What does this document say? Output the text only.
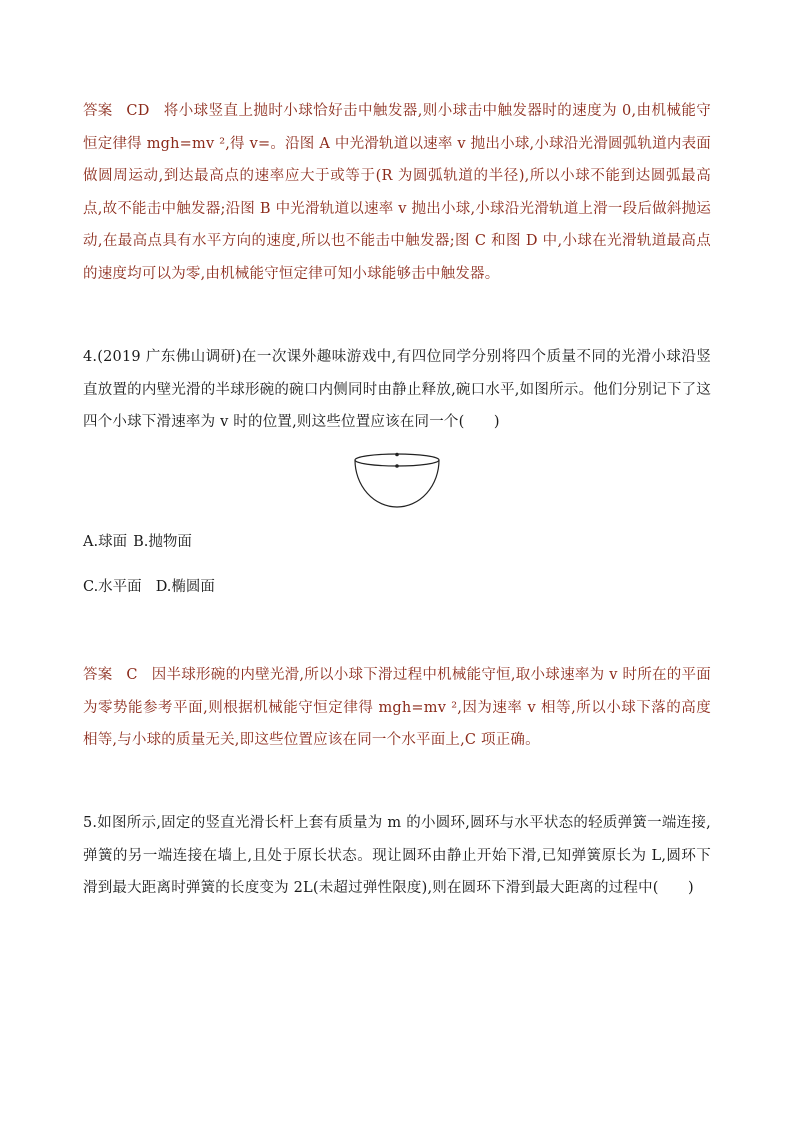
答案 CD 将小球竖直上抛时小球恰好击中触发器,则小球击中触发器时的速度为 0,由机械能守恒定律得 mgh=mv ²,得 v=。沿图 A 中光滑轨道以速率 v 抛出小球,小球沿光滑圆弧轨道内表面做圆周运动,到达最高点的速率应大于或等于(R 为圆弧轨道的半径),所以小球不能到达圆弧最高点,故不能击中触发器;沿图 B 中光滑轨道以速率 v 抛出小球,小球沿光滑轨道上滑一段后做斜抛运动,在最高点具有水平方向的速度,所以也不能击中触发器;图 C 和图 D 中,小球在光滑轨道最高点的速度均可以为零,由机械能守恒定律可知小球能够击中触发器。

4.(2019 广东佛山调研)在一次课外趣味游戏中,有四位同学分别将四个质量不同的光滑小球沿竖直放置的内壁光滑的半球形碗的碗口内侧同时由静止释放,碗口水平,如图所示。他们分别记下了这四个小球下滑速率为 v 时的位置,则这些位置应该在同一个(　　)

A.球面 B.抛物面

C.水平面 D.椭圆面

答案 C 因半球形碗的内壁光滑,所以小球下滑过程中机械能守恒,取小球速率为 v 时所在的平面为零势能参考平面,则根据机械能守恒定律得 mgh=mv ²,因为速率 v 相等,所以小球下落的高度相等,与小球的质量无关,即这些位置应该在同一个水平面上,C 项正确。

5.如图所示,固定的竖直光滑长杆上套有质量为 m 的小圆环,圆环与水平状态的轻质弹簧一端连接,弹簧的另一端连接在墙上,且处于原长状态。现让圆环由静止开始下滑,已知弹簧原长为 L,圆环下滑到最大距离时弹簧的长度变为 2L(未超过弹性限度),则在圆环下滑到最大距离的过程中(　　)
